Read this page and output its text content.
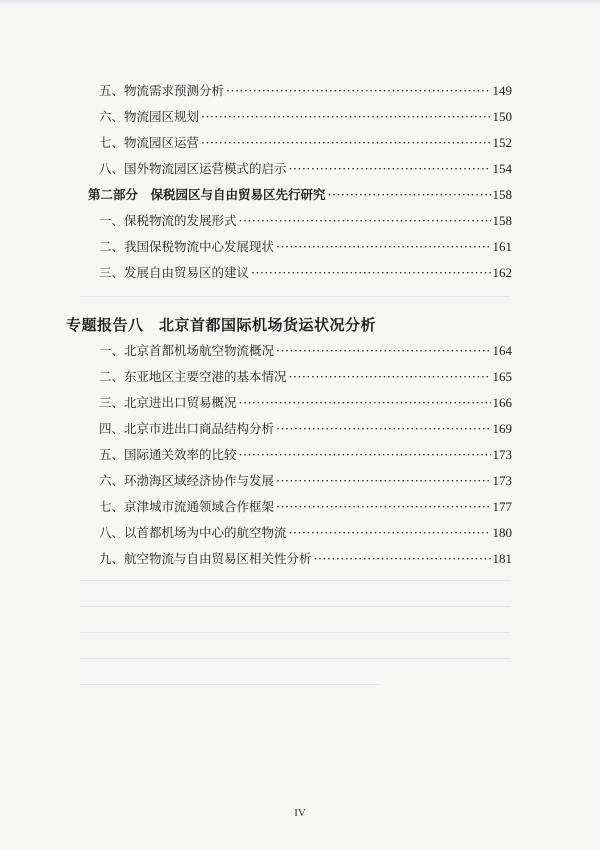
五、物流需求预测分析 ·····	149
六、物流园区规划 ·····	150
七、物流园区运营 ·····	152
八、国外物流园区运营模式的启示 ·····	154
第二部分　保税园区与自由贸易区先行研究 ·····	158
一、保税物流的发展形式 ·····	158
二、我国保税物流中心发展现状 ·····	161
三、发展自由贸易区的建议 ·····	162
专题报告八　北京首都国际机场货运状况分析
一、北京首都机场航空物流概况 ·····	164
二、东亚地区主要空港的基本情况 ·····	165
三、北京进出口贸易概况 ·····	166
四、北京市进出口商品结构分析 ·····	169
五、国际通关效率的比较 ·····	173
六、环渤海区域经济协作与发展 ·····	173
七、京津城市流通领域合作框架 ·····	177
八、以首都机场为中心的航空物流 ·····	180
九、航空物流与自由贸易区相关性分析 ·····	181
IV
